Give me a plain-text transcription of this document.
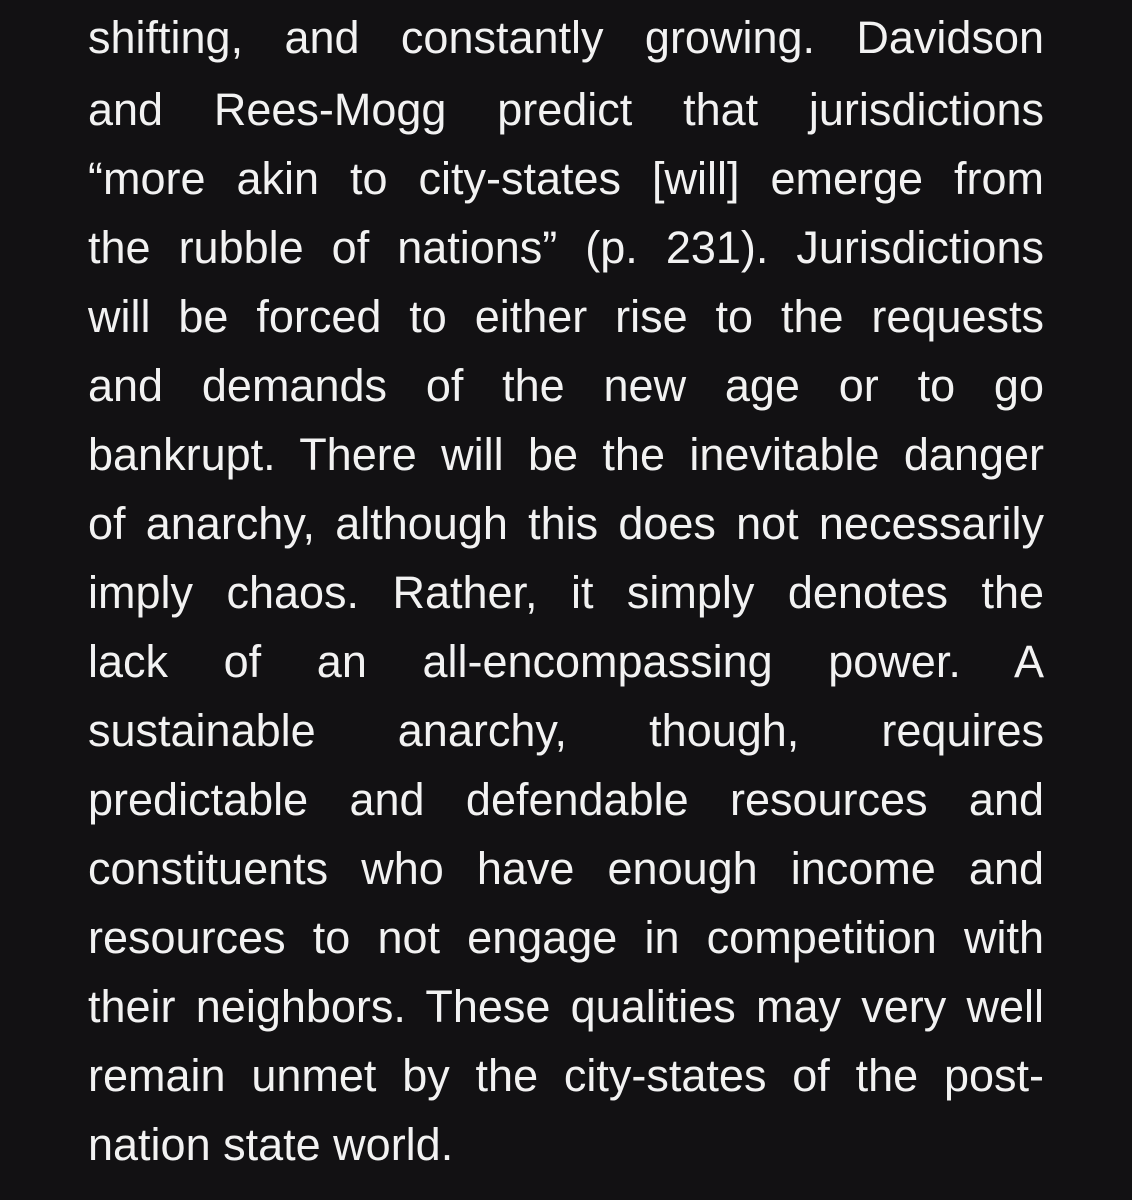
shifting, and constantly growing. Davidson
and Rees-Mogg predict that jurisdictions
“more akin to city-states [will] emerge from
the rubble of nations” (p. 231). Jurisdictions
will be forced to either rise to the requests
and demands of the new age or to go
bankrupt. There will be the inevitable danger
of anarchy, although this does not necessarily
imply chaos. Rather, it simply denotes the
lack of an all-encompassing power. A
sustainable anarchy, though, requires
predictable and defendable resources and
constituents who have enough income and
resources to not engage in competition with
their neighbors. These qualities may very well
remain unmet by the city-states of the post-
nation state world.
